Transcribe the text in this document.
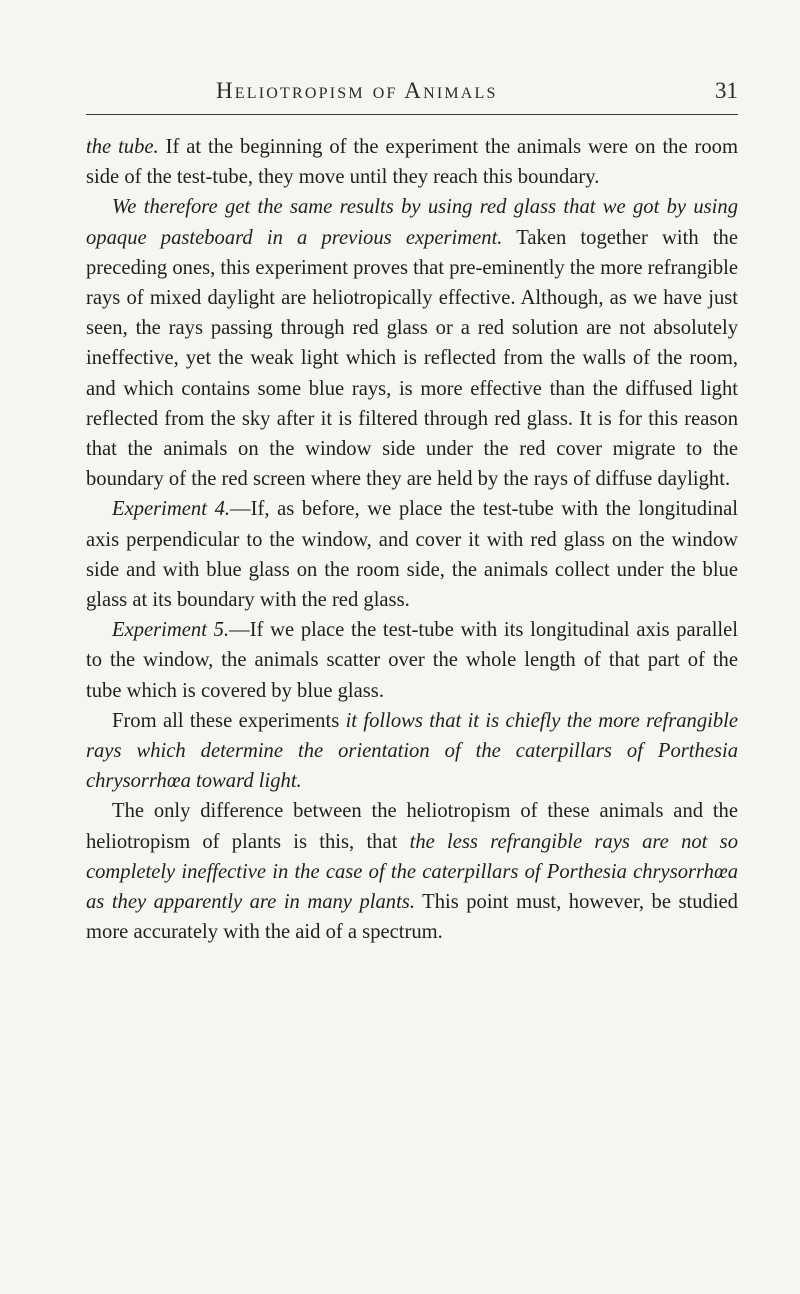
Heliotropism of Animals	31

the tube. If at the beginning of the experiment the animals were on the room side of the test-tube, they move until they reach this boundary.

We therefore get the same results by using red glass that we got by using opaque pasteboard in a previous experiment. Taken together with the preceding ones, this experiment proves that pre-eminently the more refrangible rays of mixed daylight are heliotropically effective. Although, as we have just seen, the rays passing through red glass or a red solution are not absolutely ineffective, yet the weak light which is reflected from the walls of the room, and which contains some blue rays, is more effective than the diffused light reflected from the sky after it is filtered through red glass. It is for this reason that the animals on the window side under the red cover migrate to the boundary of the red screen where they are held by the rays of diffuse daylight.

Experiment 4.—If, as before, we place the test-tube with the longitudinal axis perpendicular to the window, and cover it with red glass on the window side and with blue glass on the room side, the animals collect under the blue glass at its boundary with the red glass.

Experiment 5.—If we place the test-tube with its longitudinal axis parallel to the window, the animals scatter over the whole length of that part of the tube which is covered by blue glass.

From all these experiments it follows that it is chiefly the more refrangible rays which determine the orientation of the caterpillars of Porthesia chrysorrhœa toward light.

The only difference between the heliotropism of these animals and the heliotropism of plants is this, that the less refrangible rays are not so completely ineffective in the case of the caterpillars of Porthesia chrysorrhœa as they apparently are in many plants. This point must, however, be studied more accurately with the aid of a spectrum.
